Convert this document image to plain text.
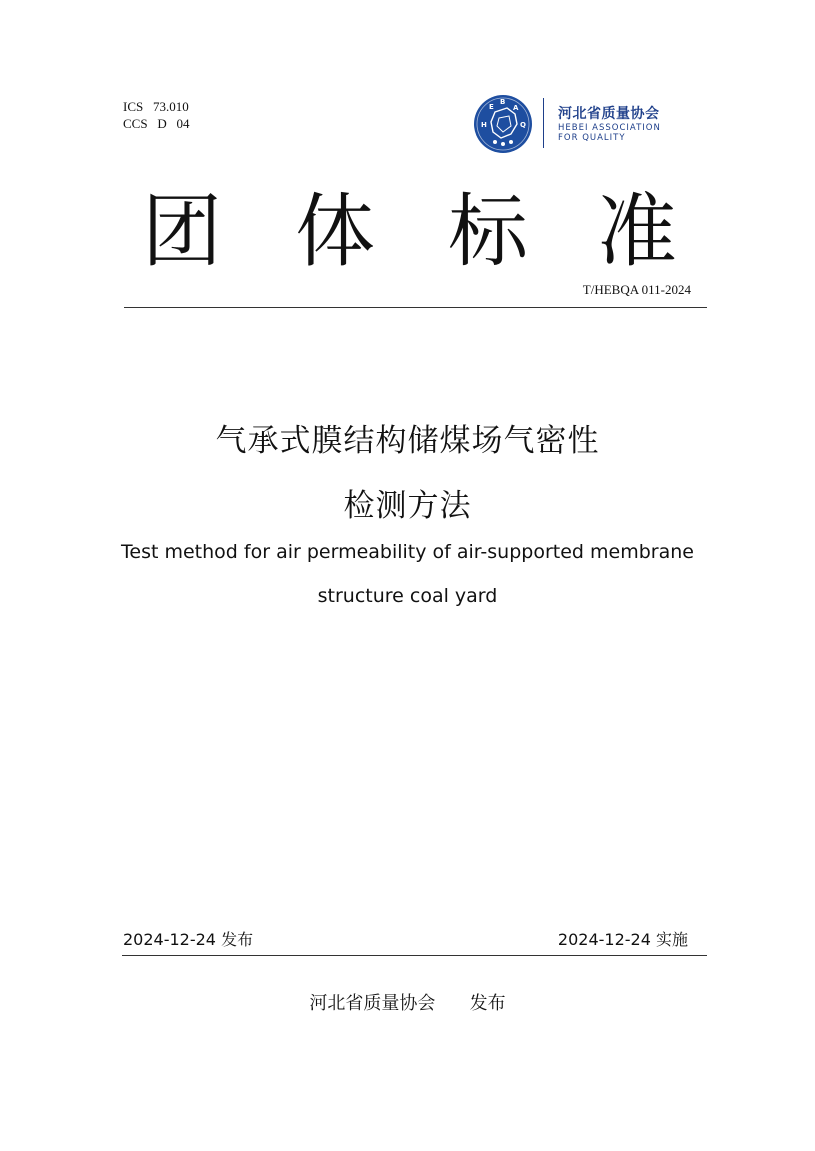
ICS   73.010
CCS   D   04	H
E
B
A
Q
河北省质量协会
HEBEI ASSOCIATION
FOR QUALITY
团 体 标 准
T/HEBQA 011-2024
气承式膜结构储煤场气密性
检测方法
Test method for air permeability of air-supported membrane
structure coal yard
2024-12-24 发布	2024-12-24 实施
河北省质量协会      发布
